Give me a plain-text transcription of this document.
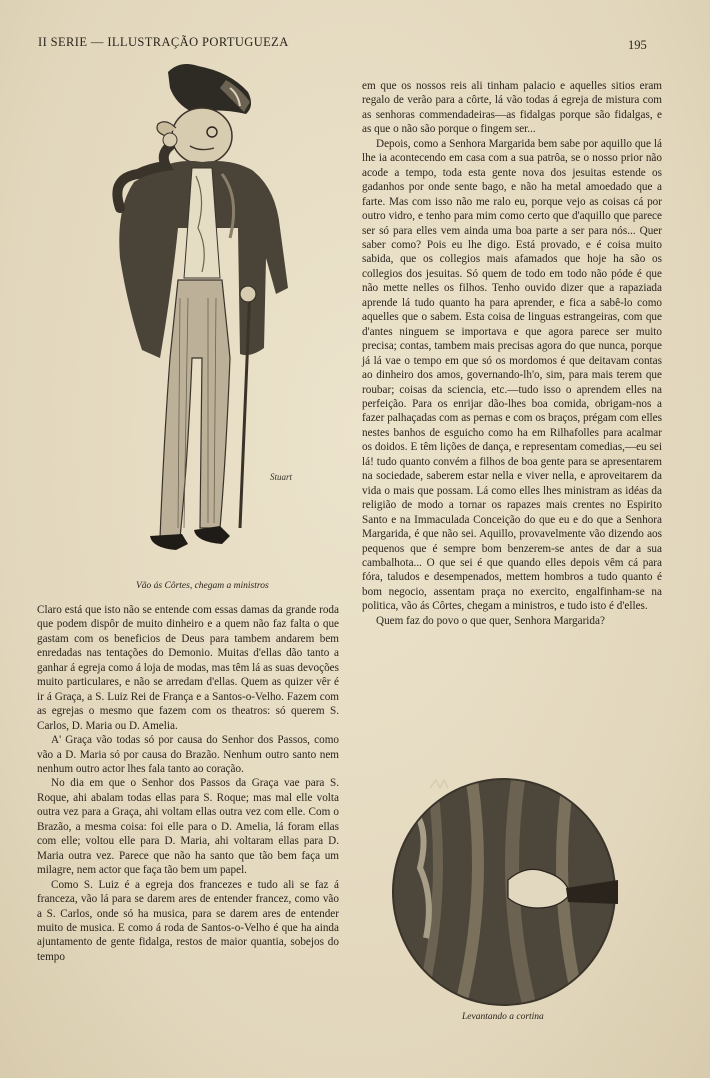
II SERIE — ILLUSTRAÇÃO PORTUGUEZA	195
Stuart
Vão ás Côrtes, chegam a ministros

Claro está que isto não se entende com essas damas da grande roda que podem dispôr de muito dinheiro e a quem não faz falta o que gastam com os beneficios de Deus para tambem andarem bem enredadas nas tentações do Demonio. Muitas d'ellas dão tanto a ganhar á egreja como á loja de modas, mas têm lá as suas devoções muito particulares, e não se arredam d'ellas. Quem as quizer vêr é ir á Graça, a S. Luiz Rei de França e a Santos-o-Velho. Fazem com as egrejas o mesmo que fazem com os theatros: só querem S. Carlos, D. Maria ou D. Amelia.

A' Graça vão todas só por causa do Senhor dos Passos, como vão a D. Maria só por causa do Brazão. Nenhum outro santo nem nenhum outro actor lhes fala tanto ao coração.

No dia em que o Senhor dos Passos da Graça vae para S. Roque, ahi abalam todas ellas para S. Roque; mas mal elle volta outra vez para a Graça, ahi voltam ellas outra vez com elle. Com o Brazão, a mesma coisa: foi elle para o D. Amelia, lá foram ellas com elle; voltou elle para D. Maria, ahi voltaram ellas para D. Maria outra vez. Parece que não ha santo que tão bem faça um milagre, nem actor que faça tão bem um papel.

Como S. Luiz é a egreja dos francezes e tudo ali se faz á franceza, vão lá para se darem ares de entender francez, como vão a S. Carlos, onde só ha musica, para se darem ares de entender muito de musica. E como á roda de Santos-o-Velho é que ha ainda ajuntamento de gente fidalga, restos de maior quantia, sobejos do tempo

em que os nossos reis ali tinham palacio e aquelles sitios eram regalo de verão para a côrte, lá vão todas á egreja de mistura com as senhoras commendadeiras—as fidalgas porque são fidalgas, e as que o não são porque o fingem ser...

Depois, como a Senhora Margarida bem sabe por aquillo que lá lhe ia acontecendo em casa com a sua patrôa, se o nosso prior não acode a tempo, toda esta gente nova dos jesuitas estende os gadanhos por onde sente bago, e não ha metal amoedado que a farte. Mas com isso não me ralo eu, porque vejo as coisas cá por outro vidro, e tenho para mim como certo que d'aquillo que parece ser só para elles vem ainda uma boa parte a ser para nós... Quer saber como? Pois eu lhe digo. Está provado, e é coisa muito sabida, que os collegios mais afamados que hoje ha são os collegios dos jesuitas. Só quem de todo em todo não póde é que não mette nelles os filhos. Tenho ouvido dizer que a rapaziada aprende lá tudo quanto ha para aprender, e fica a sabê-lo como aquelles que o sabem. Esta coisa de linguas estrangeiras, com que d'antes ninguem se importava e que agora parece ser muito precisa; contas, tambem mais precisas agora do que nunca, porque já lá vae o tempo em que só os mordomos é que deitavam contas ao dinheiro dos amos, governando-lh'o, sim, para mais terem que roubar; coisas da sciencia, etc.—tudo isso o aprendem elles na perfeição. Para os enrijar dão-lhes boa comida, obrigam-nos a fazer palhaçadas com as pernas e com os braços, prégam com elles nestes banhos de esguicho como ha em Rilhafolles para acalmar os doidos. E têm lições de dança, e representam comedias,—eu sei lá! tudo quanto convém a filhos de boa gente para se apresentarem na sociedade, saberem estar nella e viver nella, e aproveitarem da vida o mais que possam. Lá como elles lhes ministram as idéas da religião de modo a tornar os rapazes mais crentes no Espirito Santo e na Immaculada Conceição do que eu e do que a Senhora Margarida, é que não sei. Aquillo, provavelmente vão dizendo aos pequenos que é sempre bom benzerem-se antes de dar a sua cambalhota... O que sei é que quando elles depois vêm cá para fóra, taludos e desempenados, mettem hombros a tudo quanto é bom negocio, assentam praça no exercito, engalfinham-se na politica, vão ás Côrtes, chegam a ministros, e tudo isto é d'elles.

Quem faz do povo o que quer, Senhora Margarida?

Levantando a cortina
